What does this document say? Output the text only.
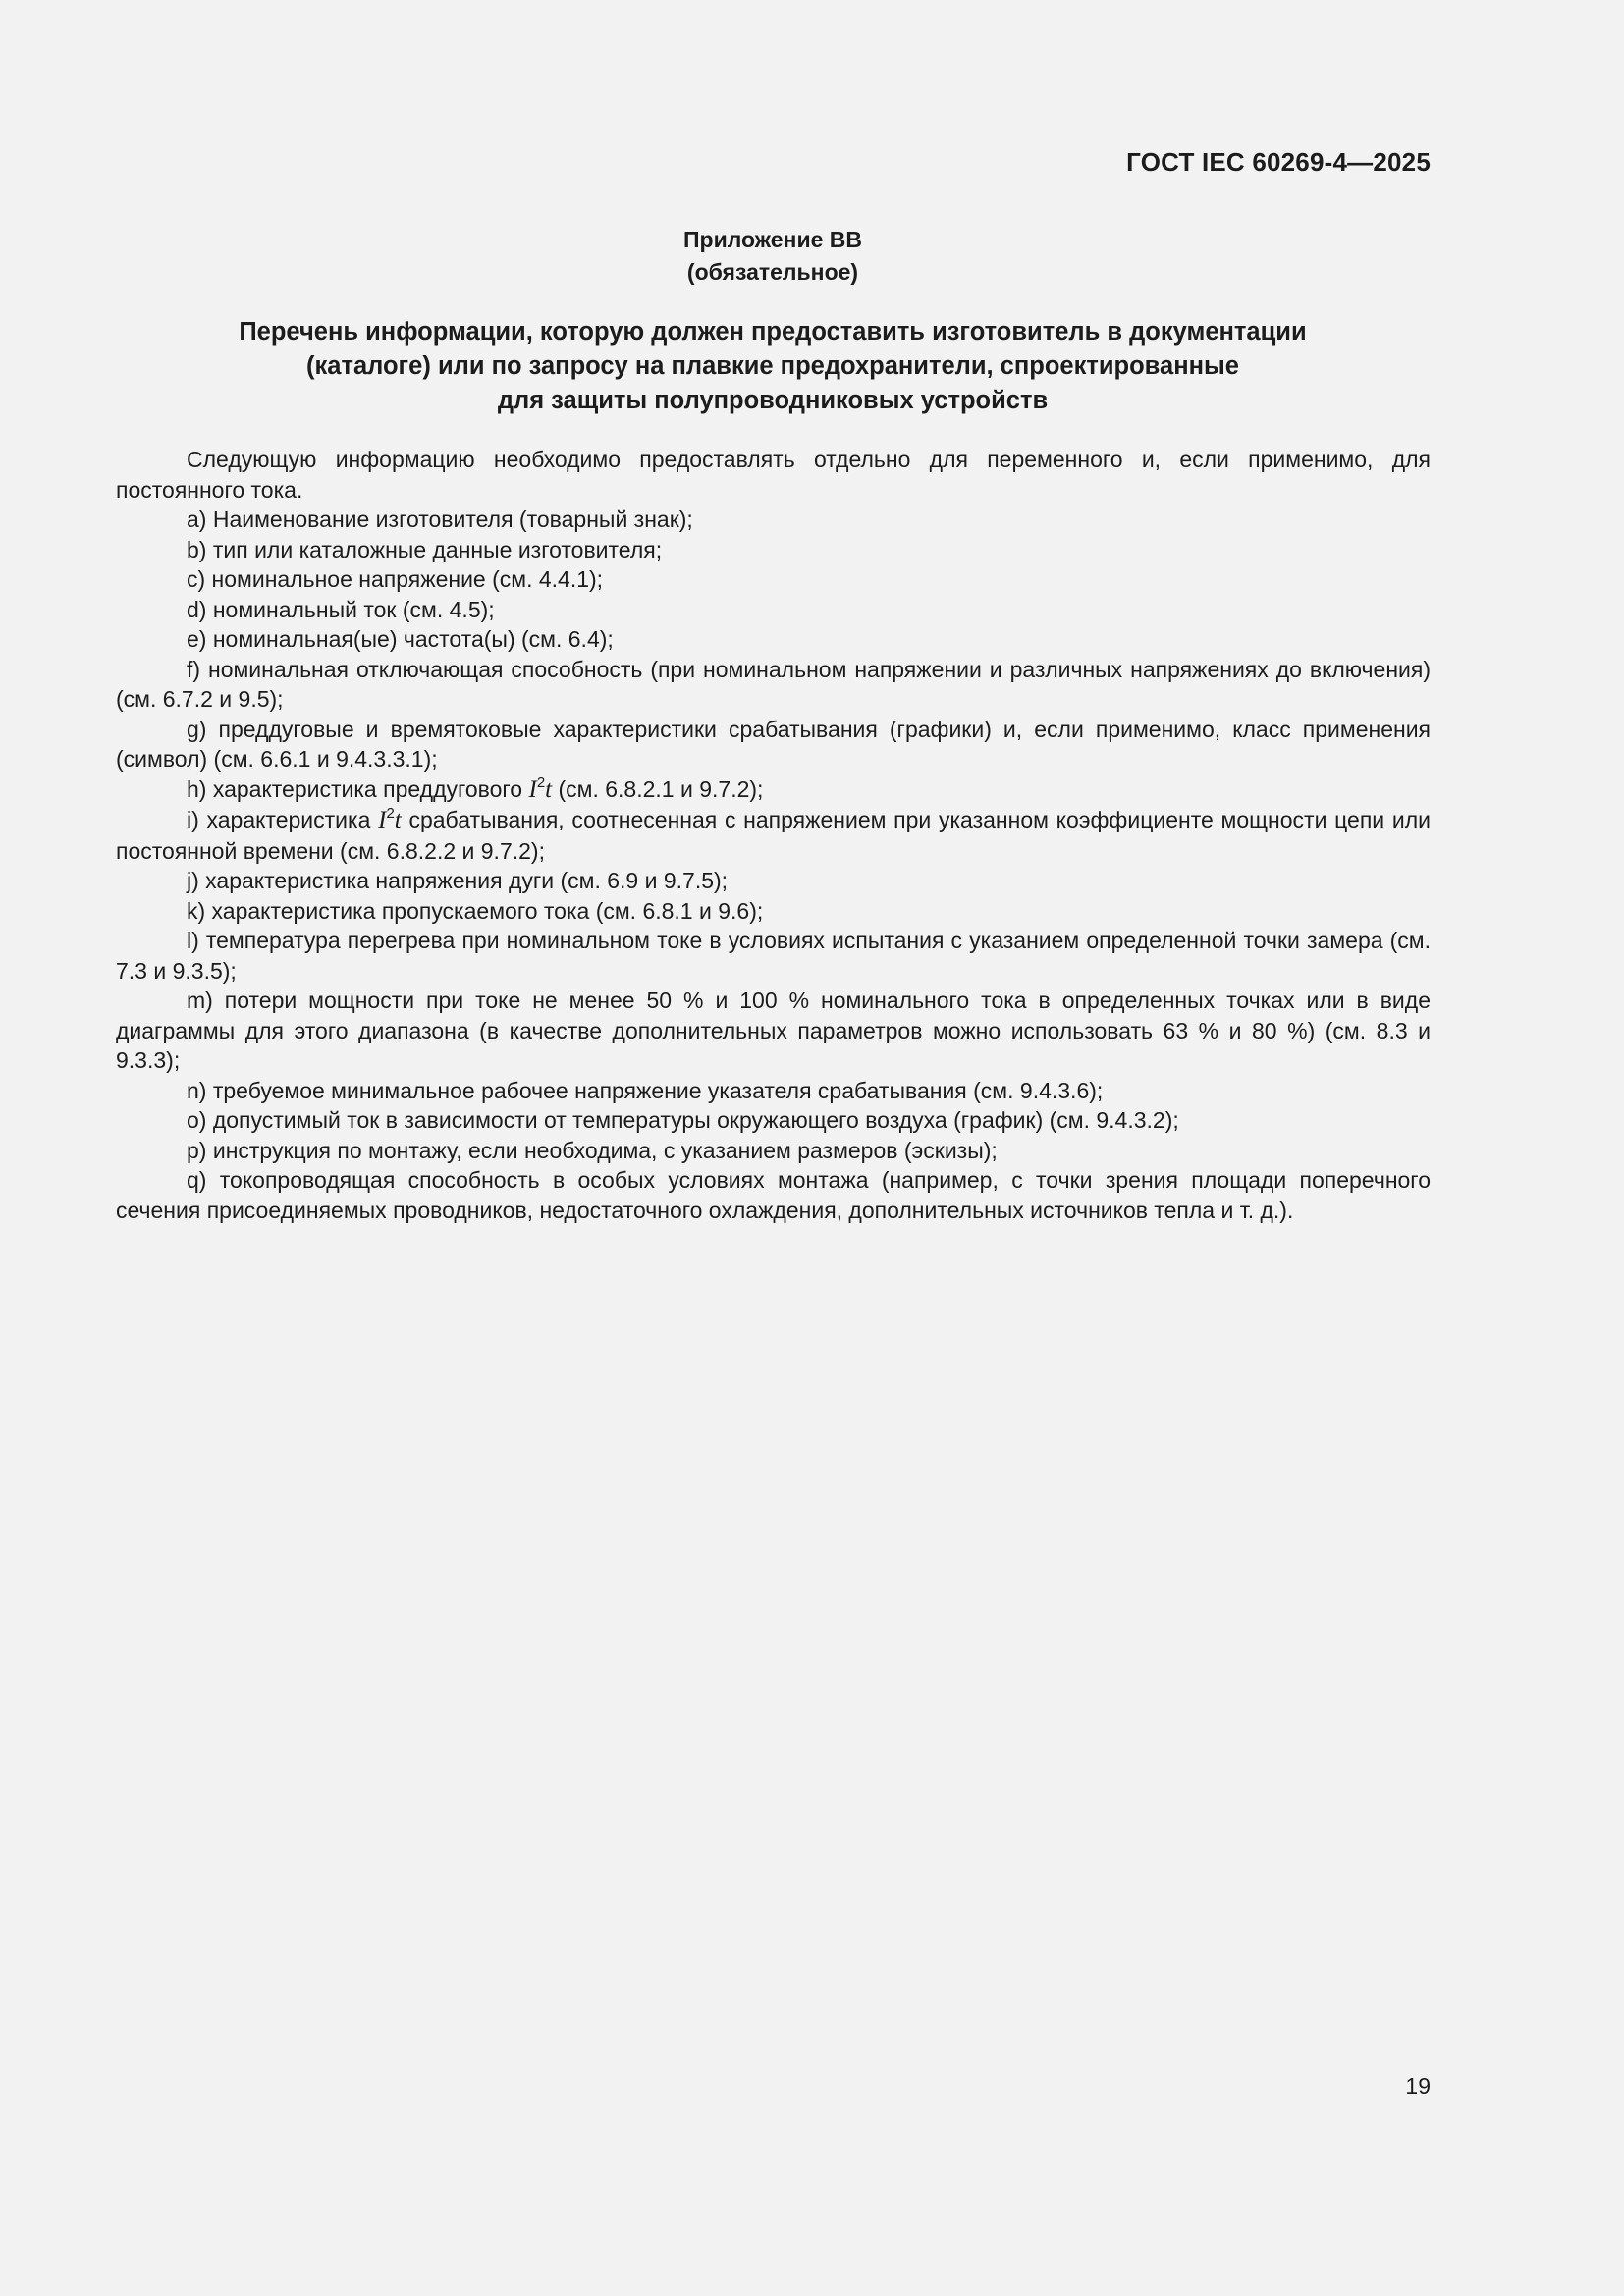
ГОСТ IEC 60269-4—2025
Приложение ВВ
(обязательное)
Перечень информации, которую должен предоставить изготовитель в документации
(каталоге) или по запросу на плавкие предохранители, спроектированные
для защиты полупроводниковых устройств

Следующую информацию необходимо предоставлять отдельно для переменного и, если применимо, для постоянного тока.

a) Наименование изготовителя (товарный знак);

b) тип или каталожные данные изготовителя;

c) номинальное напряжение (см. 4.4.1);

d) номинальный ток (см. 4.5);

e) номинальная(ые) частота(ы) (см. 6.4);

f) номинальная отключающая способность (при номинальном напряжении и различных напряжениях до включения) (см. 6.7.2 и 9.5);

g) преддуговые и времятоковые характеристики срабатывания (графики) и, если применимо, класс применения (символ) (см. 6.6.1 и 9.4.3.3.1);

h) характеристика преддугового $I^2t$ (см. 6.8.2.1 и 9.7.2);

i) характеристика $I^2t$ срабатывания, соотнесенная с напряжением при указанном коэффициенте мощности цепи или постоянной времени (см. 6.8.2.2 и 9.7.2);

j) характеристика напряжения дуги (см. 6.9 и 9.7.5);

k) характеристика пропускаемого тока (см. 6.8.1 и 9.6);

l) температура перегрева при номинальном токе в условиях испытания с указанием определенной точки замера (см. 7.3 и 9.3.5);

m) потери мощности при токе не менее 50 % и 100 % номинального тока в определенных точках или в виде диаграммы для этого диапазона (в качестве дополнительных параметров можно использовать 63 % и 80 %) (см. 8.3 и 9.3.3);

n) требуемое минимальное рабочее напряжение указателя срабатывания (см. 9.4.3.6);

o) допустимый ток в зависимости от температуры окружающего воздуха (график) (см. 9.4.3.2);

p) инструкция по монтажу, если необходима, с указанием размеров (эскизы);

q) токопроводящая способность в особых условиях монтажа (например, с точки зрения площади поперечного сечения присоединяемых проводников, недостаточного охлаждения, дополнительных источников тепла и т. д.).

19
